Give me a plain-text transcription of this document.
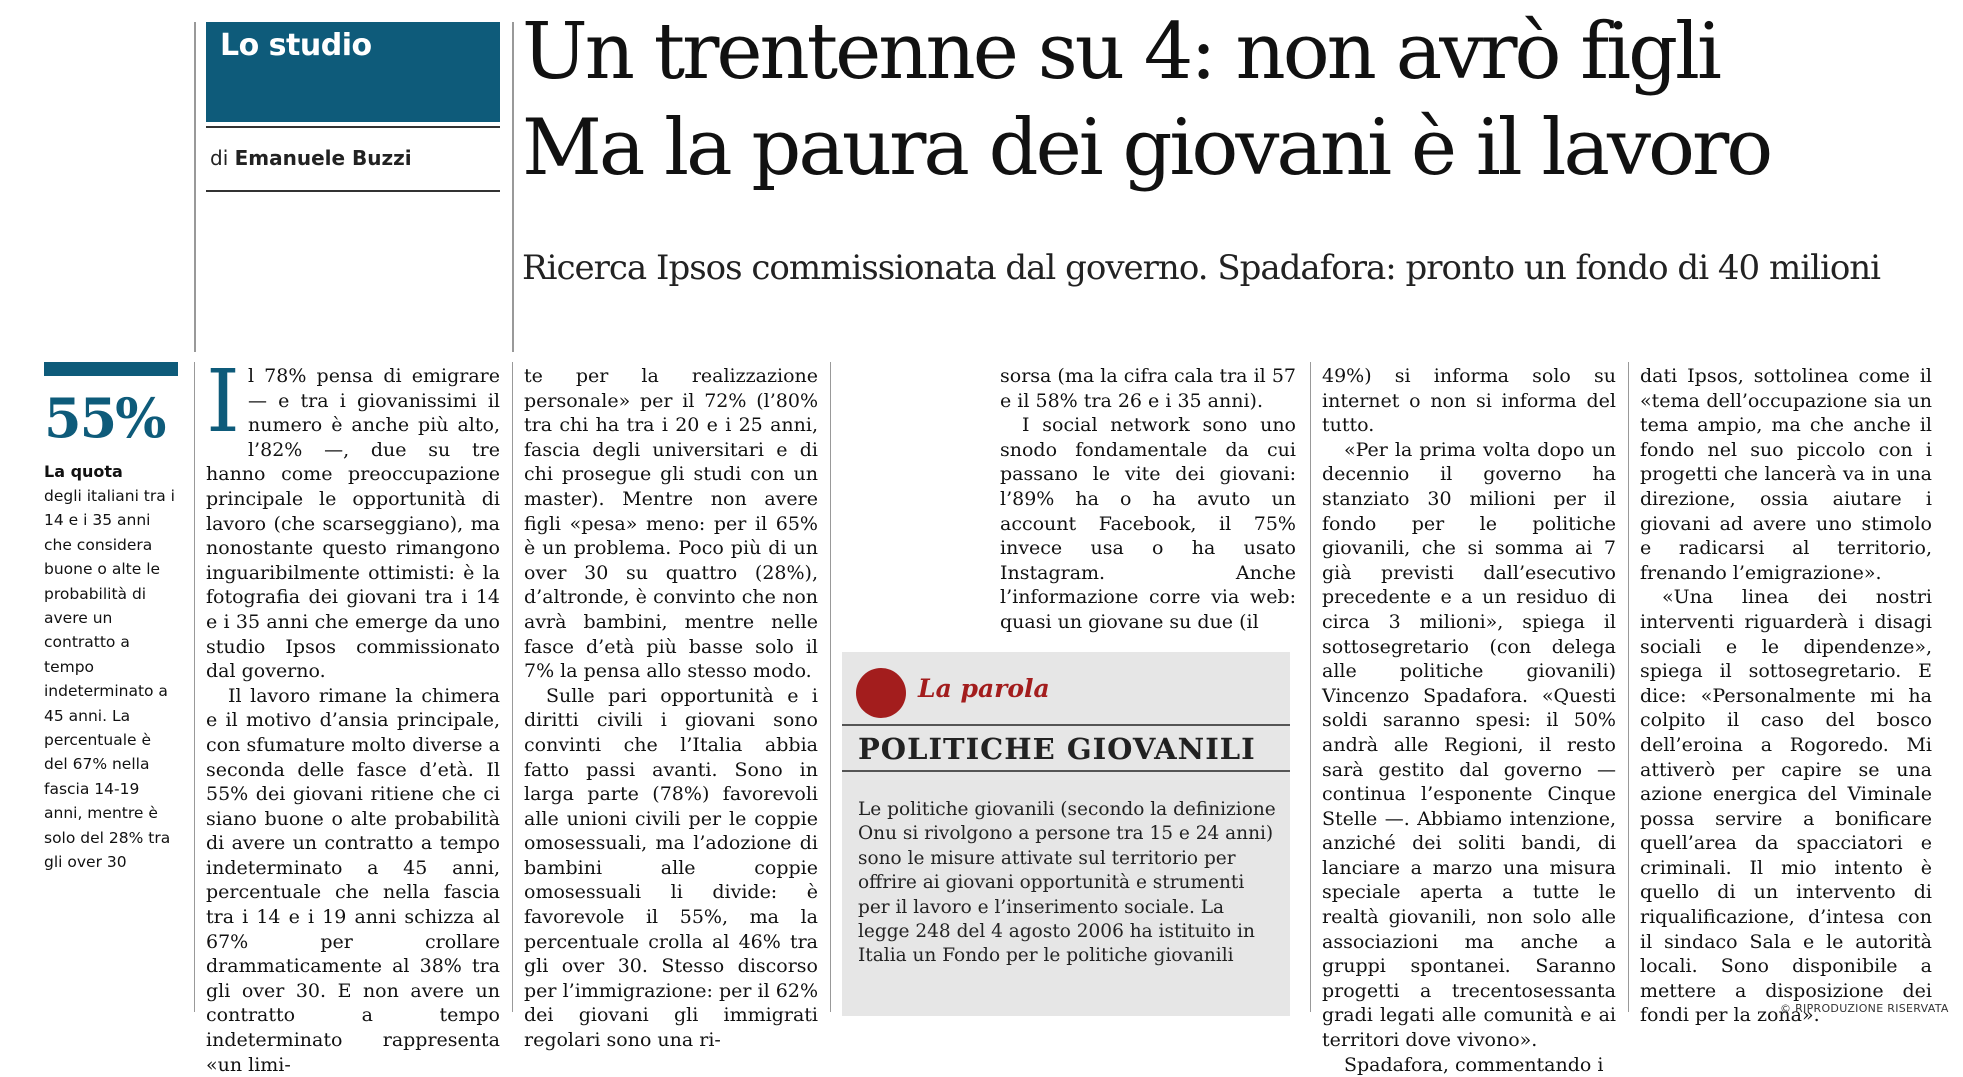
Lo studio
di Emanuele Buzzi
Un trentenne su 4: non avrò figli
Ma la paura dei giovani è il lavoro
Ricerca Ipsos commissionata dal governo. Spadafora: pronto un fondo di 40 milioni
55%
La quota
degli italiani tra i 14 e i 35 anni che considera buone o alte le probabilità di avere un contratto a tempo indeterminato a 45 anni. La percentuale è del 67% nella fascia 14-19 anni, mentre è solo del 28% tra gli over 30
I l 78% pensa di emigrare — e tra i giovanissimi il numero è anche più alto, l’82% —, due su tre hanno come preoccupazione principale le opportunità di lavoro (che scarseggiano), ma nonostante questo rimangono inguaribilmente ottimisti: è la fotografia dei giovani tra i 14 e i 35 anni che emerge da uno studio Ipsos commissionato dal governo.

Il lavoro rimane la chimera e il motivo d’ansia principale, con sfumature molto diverse a seconda delle fasce d’età. Il 55% dei giovani ritiene che ci siano buone o alte probabilità di avere un contratto a tempo indeterminato a 45 anni, percentuale che nella fascia tra i 14 e i 19 anni schizza al 67% per crollare drammaticamente al 38% tra gli over 30. E non avere un contratto a tempo indeterminato rappresenta «un limi-

te per la realizzazione personale» per il 72% (l’80% tra chi ha tra i 20 e i 25 anni, fascia degli universitari e di chi prosegue gli studi con un master). Mentre non avere figli «pesa» meno: per il 65% è un problema. Poco più di un over 30 su quattro (28%), d’altronde, è convinto che non avrà bambini, mentre nelle fasce d’età più basse solo il 7% la pensa allo stesso modo.

Sulle pari opportunità e i diritti civili i giovani sono convinti che l’Italia abbia fatto passi avanti. Sono in larga parte (78%) favorevoli alle unioni civili per le coppie omosessuali, ma l’adozione di bambini alle coppie omosessuali li divide: è favorevole il 55%, ma la percentuale crolla al 46% tra gli over 30. Stesso discorso per l’immigrazione: per il 62% dei giovani gli immigrati regolari sono una ri-

sorsa (ma la cifra cala tra il 57 e il 58% tra 26 e i 35 anni).

I social network sono uno snodo fondamentale da cui passano le vite dei giovani: l’89% ha o ha avuto un account Facebook, il 75% invece usa o ha usato Instagram. Anche l’informazione corre via web: quasi un giovane su due (il

49%) si informa solo su internet o non si informa del tutto.

«Per la prima volta dopo un decennio il governo ha stanziato 30 milioni per il fondo per le politiche giovanili, che si somma ai 7 già previsti dall’esecutivo precedente e a un residuo di circa 3 milioni», spiega il sottosegretario (con delega alle politiche giovanili) Vincenzo Spadafora. «Questi soldi saranno spesi: il 50% andrà alle Regioni, il resto sarà gestito dal governo — continua l’esponente Cinque Stelle —. Abbiamo intenzione, anziché dei soliti bandi, di lanciare a marzo una misura speciale aperta a tutte le realtà giovanili, non solo alle associazioni ma anche a gruppi spontanei. Saranno progetti a trecentosessanta gradi legati alle comunità e ai territori dove vivono».

Spadafora, commentando i

dati Ipsos, sottolinea come il «tema dell’occupazione sia un tema ampio, ma che anche il fondo nel suo piccolo con i progetti che lancerà va in una direzione, ossia aiutare i giovani ad avere uno stimolo e radicarsi al territorio, frenando l’emigrazione».

«Una linea dei nostri interventi riguarderà i disagi sociali e le dipendenze», spiega il sottosegretario. E dice: «Personalmente mi ha colpito il caso del bosco dell’eroina a Rogoredo. Mi attiverò per capire se una azione energica del Viminale possa servire a bonificare quell’area da spacciatori e criminali. Il mio intento è quello di un intervento di riqualificazione, d’intesa con il sindaco Sala e le autorità locali. Sono disponibile a mettere a disposizione dei fondi per la zona».

La parola
POLITICHE GIOVANILI
Le politiche giovanili (secondo la definizione Onu si rivolgono a persone tra 15 e 24 anni) sono le misure attivate sul territorio per offrire ai giovani opportunità e strumenti per il lavoro e l’inserimento sociale. La legge 248 del 4 agosto 2006 ha istituito in Italia un Fondo per le politiche giovanili
© RIPRODUZIONE RISERVATA
